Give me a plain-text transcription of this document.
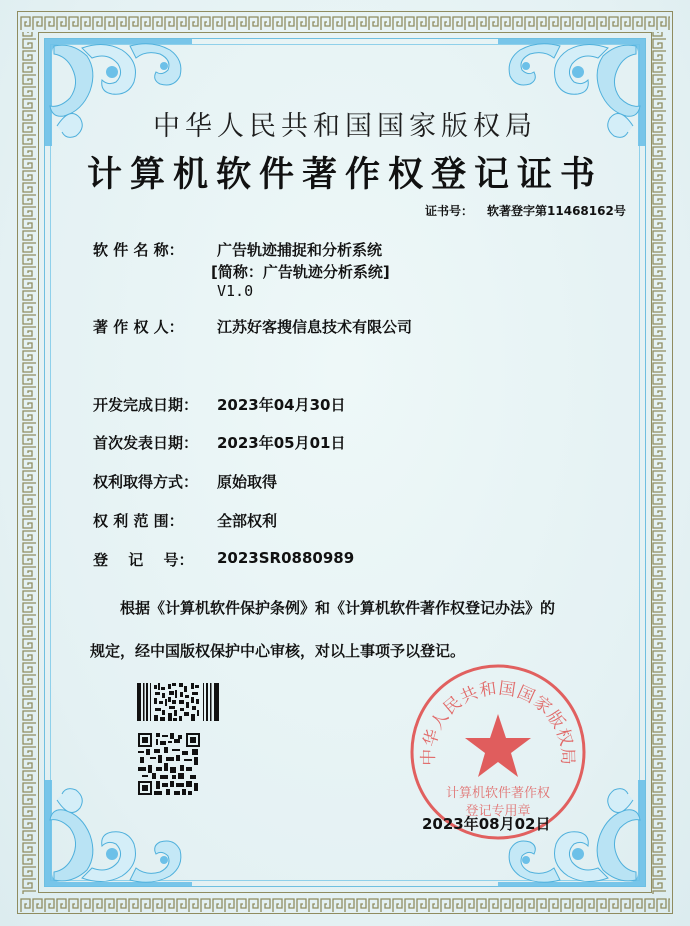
中华人民共和国国家版权局
计算机软件著作权登记证书
证书号： 软著登字第11468162号
软 件 名 称： 广告轨迹捕捉和分析系统
[简称：广告轨迹分析系统]
V1.0
著 作 权 人： 江苏好客搜信息技术有限公司
开发完成日期： 2023年04月30日
首次发表日期： 2023年05月01日
权利取得方式： 原始取得
权 利 范 围： 全部权利
登　 记　 号： 2023SR0880989
根据《计算机软件保护条例》和《计算机软件著作权登记办法》的
规定，经中国版权保护中心审核，对以上事项予以登记。
中华人民共和国国家版权局
计算机软件著作权
登记专用章
2023年08月02日
